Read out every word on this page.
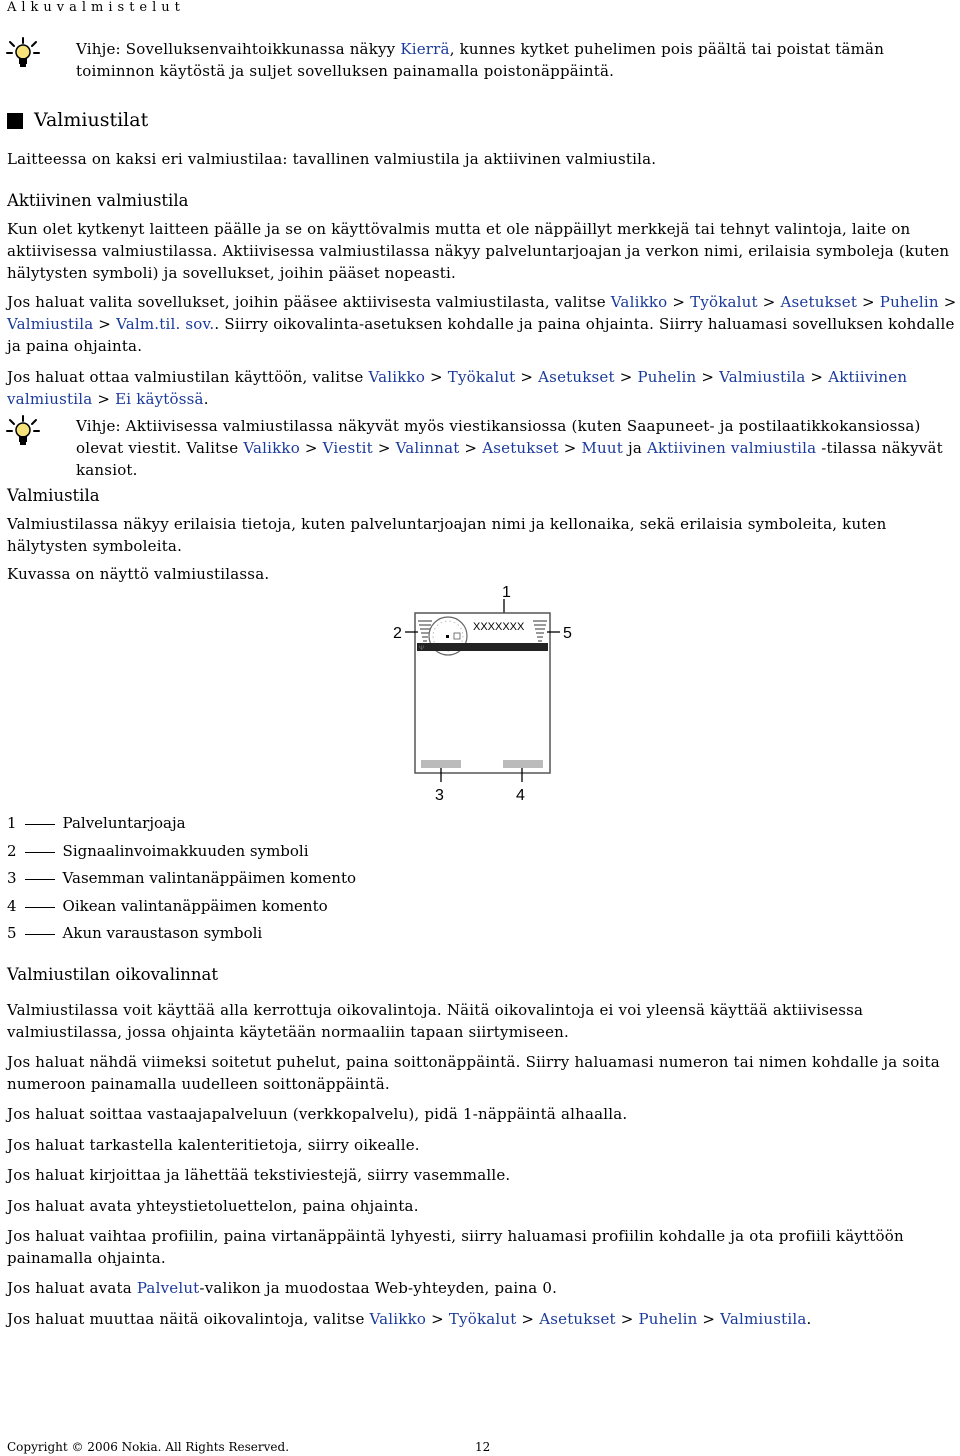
Alkuvalmistelut

Vihje: Sovelluksenvaihtoikkunassa näkyy Kierrä, kunnes kytket puhelimen pois päältä tai poistat tämän toiminnon käytöstä ja suljet sovelluksen painamalla poistonäppäintä.

Valmiustilat

Laitteessa on kaksi eri valmiustilaa: tavallinen valmiustila ja aktiivinen valmiustila.

Aktiivinen valmiustila

Kun olet kytkenyt laitteen päälle ja se on käyttövalmis mutta et ole näppäillyt merkkejä tai tehnyt valintoja, laite on aktiivisessa valmiustilassa. Aktiivisessa valmiustilassa näkyy palveluntarjoajan ja verkon nimi, erilaisia symboleja (kuten hälytysten symboli) ja sovellukset, joihin pääset nopeasti.

Jos haluat valita sovellukset, joihin pääsee aktiivisesta valmiustilasta, valitse Valikko > Työkalut > Asetukset > Puhelin > Valmiustila > Valm.til. sov.. Siirry oikovalinta-asetuksen kohdalle ja paina ohjainta. Siirry haluamasi sovelluksen kohdalle ja paina ohjainta.

Jos haluat ottaa valmiustilan käyttöön, valitse Valikko > Työkalut > Asetukset > Puhelin > Valmiustila > Aktiivinen valmiustila > Ei käytössä.

Vihje: Aktiivisessa valmiustilassa näkyvät myös viestikansiossa (kuten Saapuneet- ja postilaatikkokansiossa) olevat viestit. Valitse Valikko > Viestit > Valinnat > Asetukset > Muut ja Aktiivinen valmiustila -tilassa näkyvät kansiot.

Valmiustila

Valmiustilassa näkyy erilaisia tietoja, kuten palveluntarjoajan nimi ja kellonaika, sekä erilaisia symboleita, kuten hälytysten symboleita.

Kuvassa on näyttö valmiustilassa.

1
XXXXXXX
Ψ
2	5
3	4
1	Palveluntarjoaja
2	Signaalinvoimakkuuden symboli
3	Vasemman valintanäppäimen komento
4	Oikean valintanäppäimen komento
5	Akun varaustason symboli
Valmiustilan oikovalinnat

Valmiustilassa voit käyttää alla kerrottuja oikovalintoja. Näitä oikovalintoja ei voi yleensä käyttää aktiivisessa valmiustilassa, jossa ohjainta käytetään normaaliin tapaan siirtymiseen.

Jos haluat nähdä viimeksi soitetut puhelut, paina soittonäppäintä. Siirry haluamasi numeron tai nimen kohdalle ja soita numeroon painamalla uudelleen soittonäppäintä.

Jos haluat soittaa vastaajapalveluun (verkkopalvelu), pidä 1-näppäintä alhaalla.

Jos haluat tarkastella kalenteritietoja, siirry oikealle.

Jos haluat kirjoittaa ja lähettää tekstiviestejä, siirry vasemmalle.

Jos haluat avata yhteystietoluettelon, paina ohjainta.

Jos haluat vaihtaa profiilin, paina virtanäppäintä lyhyesti, siirry haluamasi profiilin kohdalle ja ota profiili käyttöön painamalla ohjainta.

Jos haluat avata Palvelut-valikon ja muodostaa Web-yhteyden, paina 0.

Jos haluat muuttaa näitä oikovalintoja, valitse Valikko > Työkalut > Asetukset > Puhelin > Valmiustila.

Copyright © 2006 Nokia. All Rights Reserved.	12
